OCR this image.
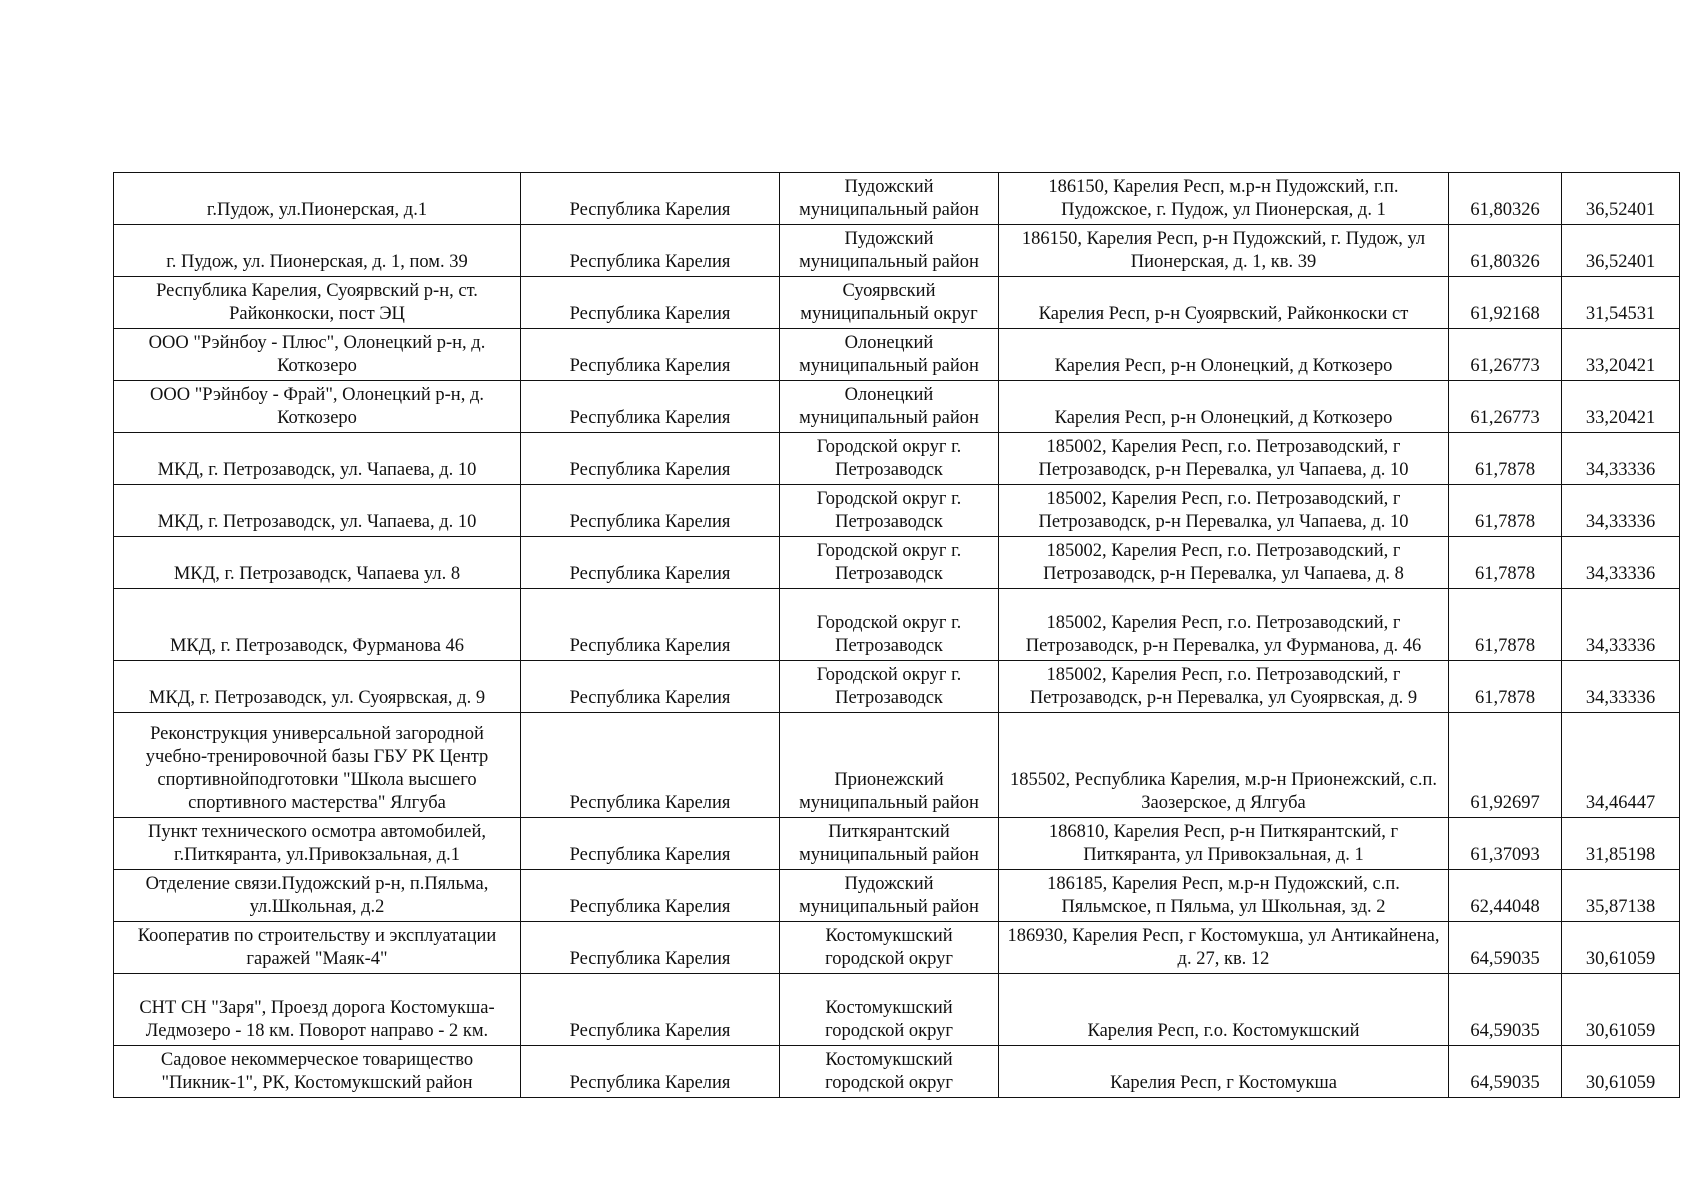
г.Пудож, ул.Пионерская, д.1	Республика Карелия	Пудожский муниципальный район	186150, Карелия Респ, м.р-н Пудожский, г.п. Пудожское, г. Пудож, ул Пионерская, д. 1	61,80326	36,52401
г. Пудож, ул. Пионерская, д. 1, пом. 39	Республика Карелия	Пудожский муниципальный район	186150, Карелия Респ, р-н Пудожский, г. Пудож, ул Пионерская, д. 1, кв. 39	61,80326	36,52401
Республика Карелия, Суоярвский р-н, ст. Райконкоски, пост ЭЦ	Республика Карелия	Суоярвский муниципальный округ	Карелия Респ, р-н Суоярвский, Райконкоски ст	61,92168	31,54531
ООО "Рэйнбоу - Плюс", Олонецкий р-н, д. Коткозеро	Республика Карелия	Олонецкий муниципальный район	Карелия Респ, р-н Олонецкий, д Коткозеро	61,26773	33,20421
ООО "Рэйнбоу - Фрай", Олонецкий р-н, д. Коткозеро	Республика Карелия	Олонецкий муниципальный район	Карелия Респ, р-н Олонецкий, д Коткозеро	61,26773	33,20421
МКД, г. Петрозаводск, ул. Чапаева, д. 10	Республика Карелия	Городской округ г. Петрозаводск	185002, Карелия Респ, г.о. Петрозаводский, г Петрозаводск, р-н Перевалка, ул Чапаева, д. 10	61,7878	34,33336
МКД, г. Петрозаводск, ул. Чапаева, д. 10	Республика Карелия	Городской округ г. Петрозаводск	185002, Карелия Респ, г.о. Петрозаводский, г Петрозаводск, р-н Перевалка, ул Чапаева, д. 10	61,7878	34,33336
МКД, г. Петрозаводск, Чапаева ул. 8	Республика Карелия	Городской округ г. Петрозаводск	185002, Карелия Респ, г.о. Петрозаводский, г Петрозаводск, р-н Перевалка, ул Чапаева, д. 8	61,7878	34,33336
МКД, г. Петрозаводск, Фурманова 46	Республика Карелия	Городской округ г. Петрозаводск	185002, Карелия Респ, г.о. Петрозаводский, г Петрозаводск, р-н Перевалка, ул Фурманова, д. 46	61,7878	34,33336
МКД, г. Петрозаводск, ул. Суоярвская, д. 9	Республика Карелия	Городской округ г. Петрозаводск	185002, Карелия Респ, г.о. Петрозаводский, г Петрозаводск, р-н Перевалка, ул Суоярвская, д. 9	61,7878	34,33336
Реконструкция универсальной загородной учебно-тренировочной базы ГБУ РК Центр спортивнойподготовки "Школа высшего спортивного мастерства" Ялгуба	Республика Карелия	Прионежский муниципальный район	185502, Республика Карелия, м.р-н Прионежский, с.п. Заозерское, д Ялгуба	61,92697	34,46447
Пункт технического осмотра автомобилей, г.Питкяранта, ул.Привокзальная, д.1	Республика Карелия	Питкярантский муниципальный район	186810, Карелия Респ, р-н Питкярантский, г Питкяранта, ул Привокзальная, д. 1	61,37093	31,85198
Отделение связи.Пудожский р-н, п.Пяльма, ул.Школьная, д.2	Республика Карелия	Пудожский муниципальный район	186185, Карелия Респ, м.р-н Пудожский, с.п. Пяльмское, п Пяльма, ул Школьная, зд. 2	62,44048	35,87138
Кооператив по строительству и эксплуатации гаражей "Маяк-4"	Республика Карелия	Костомукшский городской округ	186930, Карелия Респ, г Костомукша, ул Антикайнена, д. 27, кв. 12	64,59035	30,61059
СНТ СН "Заря", Проезд дорога Костомукша-Ледмозеро - 18 км. Поворот направо - 2 км.	Республика Карелия	Костомукшский городской округ	Карелия Респ, г.о. Костомукшский	64,59035	30,61059
Садовое некоммерческое товарищество "Пикник-1", РК, Костомукшский район	Республика Карелия	Костомукшский городской округ	Карелия Респ, г Костомукша	64,59035	30,61059
